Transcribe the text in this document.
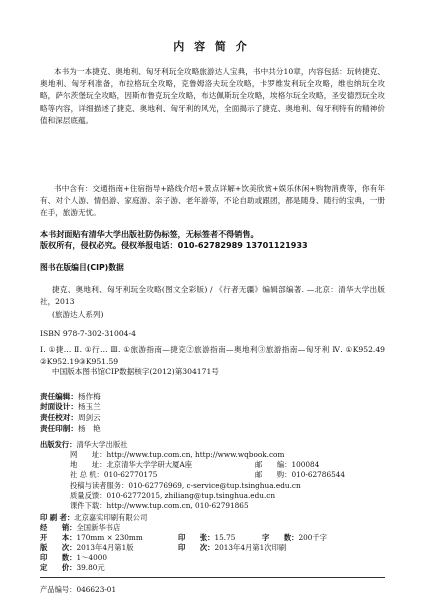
内 容 简 介
本书为一本捷克、奥地利、匈牙利玩全攻略旅游达人宝典，书中共分10章，内容包括：玩转捷克、奥地利、匈牙利准备，布拉格玩全攻略，克鲁姆洛夫玩全攻略，卡罗维发利玩全攻略，维也纳玩全攻略，萨尔茨堡玩全攻略，因斯布鲁克玩全攻略，布达佩斯玩全攻略，埃格尔玩全攻略，圣安德烈玩全攻略等内容，详细描述了捷克、奥地利、匈牙利的风光，全面揭示了捷克、奥地利、匈牙利特有的精神价值和深层底蕴。
书中含有：交通指南+住宿指导+路线介绍+景点详解+饮美欣赏+娱乐休闲+购物消费等，你有年有、对个人游、情侣游、家庭游、亲子游、老年游等，不论自助或跟团，都是随身、随行的宝典，一册在手，旅游无忧。
本书封面贴有清华大学出版社防伪标签，无标签者不得销售。
版权所有，侵权必究。侵权举报电话：010-62782989 13701121933
图书在版编目(CIP)数据
捷克、奥地利、匈牙利玩全攻略(图文全彩版) / 《行者无疆》编辑部编著. —北京：清华大学出版社，2013
(旅游达人系列)
ISBN 978-7-302-31004-4
Ⅰ. ①捷… Ⅱ. ①行… Ⅲ. ①旅游指南—捷克②旅游指南—奥地利③旅游指南—匈牙利 Ⅳ. ①K952.49 ②K952.19③K951.59
中国版本图书馆CIP数据核字(2012)第304171号
责任编辑：杨作梅
封面设计：杨玉兰
责任校对：周剑云
责任印制：杨　艳
出版发行：清华大学出版社
网　　址：http://www.tup.com.cn, http://www.wqbook.com
地　　址：北京清华大学学研大厦A座	邮　　编：100084
社 总 机：010-62770175	邮　　购：010-62786544
投稿与读者服务：010-62776969, c-service@tup.tsinghua.edu.cn
质量反馈：010-62772015, zhiliang@tup.tsinghua.edu.cn
课件下载：http://www.tup.com.cn, 010-62791865
印 刷 者：北京嘉实印刷有限公司
经　　销：全国新华书店
开　　本：170mm × 230mm	印　　张：15.75	字　　数：200千字
版　　次：2013年4月第1版	印　　次：2013年4月第1次印刷
印　　数：1～4000
定　　价：39.80元
产品编号：046623-01
